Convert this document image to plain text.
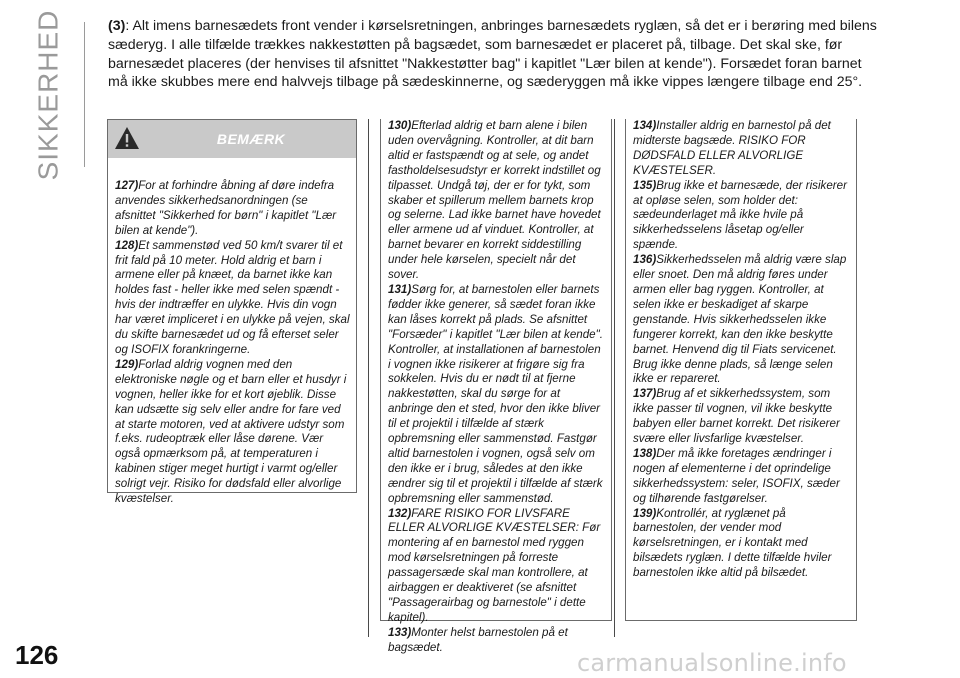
SIKKERHED	(3): Alt imens barnesædets front vender i kørselsretningen, anbringes barnesædets ryglæn, så det er i berøring med bilens sæderyg. I alle tilfælde trækkes nakkestøtten på bagsædet, som barnesædet er placeret på, tilbage. Det skal ske, før barnesædet placeres (der henvises til afsnittet "Nakkestøtter bag" i kapitlet "Lær bilen at kende"). Forsædet foran barnet må ikke skubbes mere end halvvejs tilbage på sædeskinnerne, og sæderyggen må ikke vippes længere tilbage end 25°.
BEMÆRK

127)For at forhindre åbning af døre indefra anvendes sikkerhedsanordningen (se afsnittet "Sikkerhed for børn" i kapitlet "Lær bilen at kende").

128)Et sammenstød ved 50 km/t svarer til et frit fald på 10 meter. Hold aldrig et barn i armene eller på knæet, da barnet ikke kan holdes fast - heller ikke med selen spændt - hvis der indtræffer en ulykke. Hvis din vogn har været impliceret i en ulykke på vejen, skal du skifte barnesædet ud og få efterset seler og ISOFIX forankringerne.

129)Forlad aldrig vognen med den elektroniske nøgle og et barn eller et husdyr i vognen, heller ikke for et kort øjeblik. Disse kan udsætte sig selv eller andre for fare ved at starte motoren, ved at aktivere udstyr som f.eks. rudeoptræk eller låse dørene. Vær også opmærksom på, at temperaturen i kabinen stiger meget hurtigt i varmt og/eller solrigt vejr. Risiko for dødsfald eller alvorlige kvæstelser.

130)Efterlad aldrig et barn alene i bilen uden overvågning. Kontroller, at dit barn altid er fastspændt og at sele, og andet fastholdelsesudstyr er korrekt indstillet og tilpasset. Undgå tøj, der er for tykt, som skaber et spillerum mellem barnets krop og selerne. Lad ikke barnet have hovedet eller armene ud af vinduet. Kontroller, at barnet bevarer en korrekt siddestilling under hele kørselen, specielt når det sover.

131)Sørg for, at barnestolen eller barnets fødder ikke generer, så sædet foran ikke kan låses korrekt på plads. Se afsnittet "Forsæder" i kapitlet "Lær bilen at kende". Kontroller, at installationen af barnestolen i vognen ikke risikerer at frigøre sig fra sokkelen. Hvis du er nødt til at fjerne nakkestøtten, skal du sørge for at anbringe den et sted, hvor den ikke bliver til et projektil i tilfælde af stærk opbremsning eller sammenstød. Fastgør altid barnestolen i vognen, også selv om den ikke er i brug, således at den ikke ændrer sig til et projektil i tilfælde af stærk opbremsning eller sammenstød.

132)FARE RISIKO FOR LIVSFARE ELLER ALVORLIGE KVÆSTELSER: Før montering af en barnestol med ryggen mod kørselsretningen på forreste passagersæde skal man kontrollere, at airbaggen er deaktiveret (se afsnittet "Passagerairbag og barnestole" i dette kapitel).

133)Monter helst barnestolen på et bagsædet.

134)Installer aldrig en barnestol på det midterste bagsæde. RISIKO FOR DØDSFALD ELLER ALVORLIGE KVÆSTELSER.

135)Brug ikke et barnesæde, der risikerer at opløse selen, som holder det: sædeunderlaget må ikke hvile på sikkerhedsselens låsetap og/eller spænde.

136)Sikkerhedsselen må aldrig være slap eller snoet. Den må aldrig føres under armen eller bag ryggen. Kontroller, at selen ikke er beskadiget af skarpe genstande. Hvis sikkerhedsselen ikke fungerer korrekt, kan den ikke beskytte barnet. Henvend dig til Fiats servicenet. Brug ikke denne plads, så længe selen ikke er repareret.

137)Brug af et sikkerhedssystem, som ikke passer til vognen, vil ikke beskytte babyen eller barnet korrekt. Det risikerer svære eller livsfarlige kvæstelser.

138)Der må ikke foretages ændringer i nogen af elementerne i det oprindelige sikkerhedssystem: seler, ISOFIX, sæder og tilhørende fastgørelser.

139)Kontrollér, at ryglænet på barnestolen, der vender mod kørselsretningen, er i kontakt med bilsædets ryglæn. I dette tilfælde hviler barnestolen ikke altid på bilsædet.

126	carmanualsonline.info
